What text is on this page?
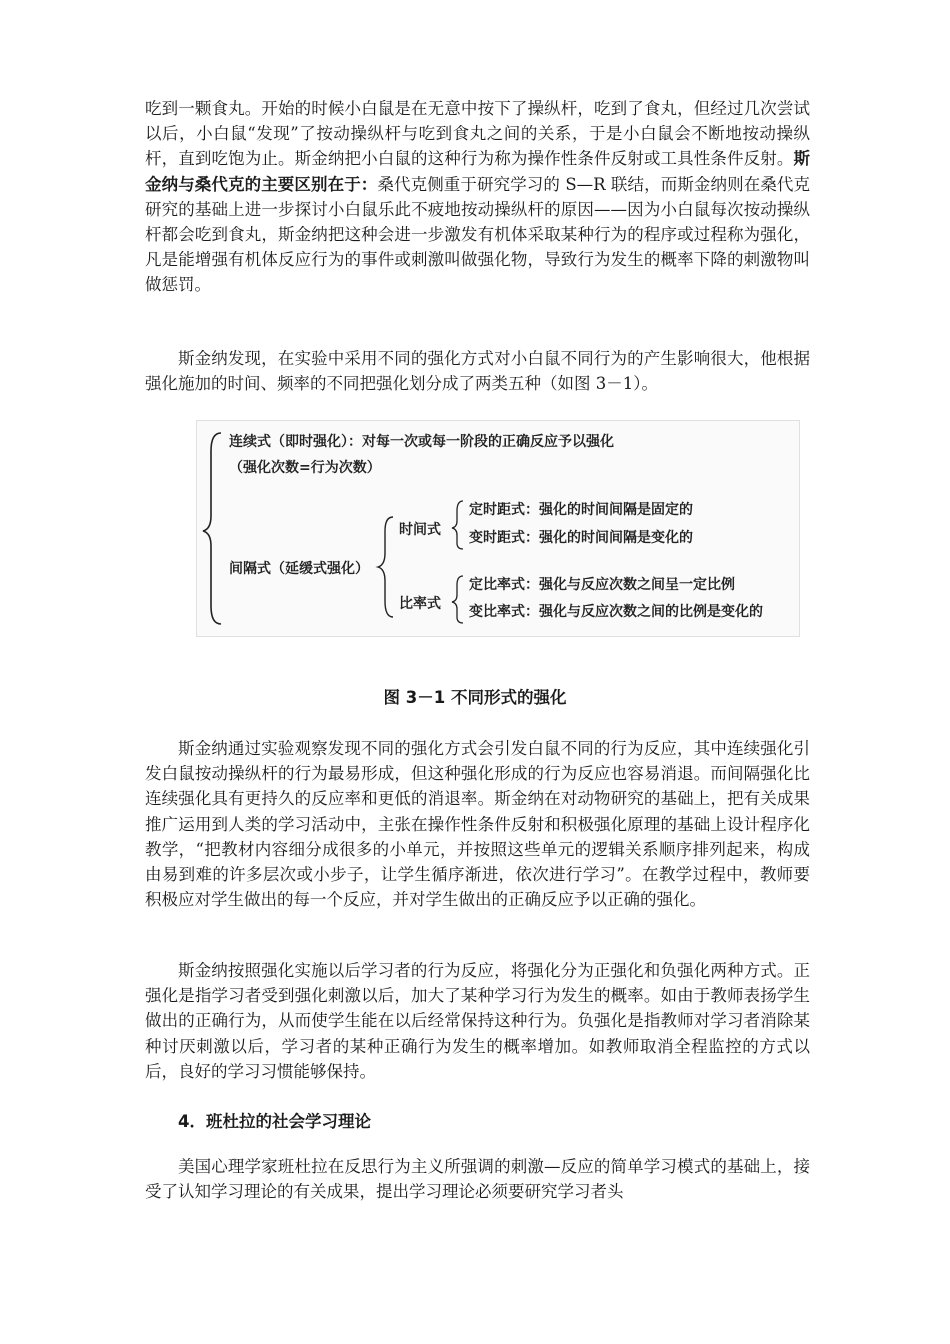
吃到一颗食丸。开始的时候小白鼠是在无意中按下了操纵杆，吃到了食丸，但经过几次尝试以后，小白鼠“发现”了按动操纵杆与吃到食丸之间的关系，于是小白鼠会不断地按动操纵杆，直到吃饱为止。斯金纳把小白鼠的这种行为称为操作性条件反射或工具性条件反射。斯金纳与桑代克的主要区别在于：桑代克侧重于研究学习的 S—R 联结，而斯金纳则在桑代克研究的基础上进一步探讨小白鼠乐此不疲地按动操纵杆的原因——因为小白鼠每次按动操纵杆都会吃到食丸，斯金纳把这种会进一步激发有机体采取某种行为的程序或过程称为强化，凡是能增强有机体反应行为的事件或刺激叫做强化物，导致行为发生的概率下降的刺激物叫做惩罚。

斯金纳发现，在实验中采用不同的强化方式对小白鼠不同行为的产生影响很大，他根据强化施加的时间、频率的不同把强化划分成了两类五种（如图 3－1）。

连续式（即时强化）：对每一次或每一阶段的正确反应予以强化
（强化次数=行为次数）
间隔式（延缓式强化）
时间式
比率式
定时距式：强化的时间间隔是固定的
变时距式：强化的时间间隔是变化的
定比率式：强化与反应次数之间呈一定比例
变比率式：强化与反应次数之间的比例是变化的
图 3－1 不同形式的强化

斯金纳通过实验观察发现不同的强化方式会引发白鼠不同的行为反应，其中连续强化引发白鼠按动操纵杆的行为最易形成，但这种强化形成的行为反应也容易消退。而间隔强化比连续强化具有更持久的反应率和更低的消退率。斯金纳在对动物研究的基础上，把有关成果推广运用到人类的学习活动中，主张在操作性条件反射和积极强化原理的基础上设计程序化教学，“把教材内容细分成很多的小单元，并按照这些单元的逻辑关系顺序排列起来，构成由易到难的许多层次或小步子，让学生循序渐进，依次进行学习”。在教学过程中，教师要积极应对学生做出的每一个反应，并对学生做出的正确反应予以正确的强化。

斯金纳按照强化实施以后学习者的行为反应，将强化分为正强化和负强化两种方式。正强化是指学习者受到强化刺激以后，加大了某种学习行为发生的概率。如由于教师表扬学生做出的正确行为，从而使学生能在以后经常保持这种行为。负强化是指教师对学习者消除某种讨厌刺激以后，学习者的某种正确行为发生的概率增加。如教师取消全程监控的方式以后，良好的学习习惯能够保持。

4．班杜拉的社会学习理论

美国心理学家班杜拉在反思行为主义所强调的刺激—反应的简单学习模式的基础上，接受了认知学习理论的有关成果，提出学习理论必须要研究学习者头
